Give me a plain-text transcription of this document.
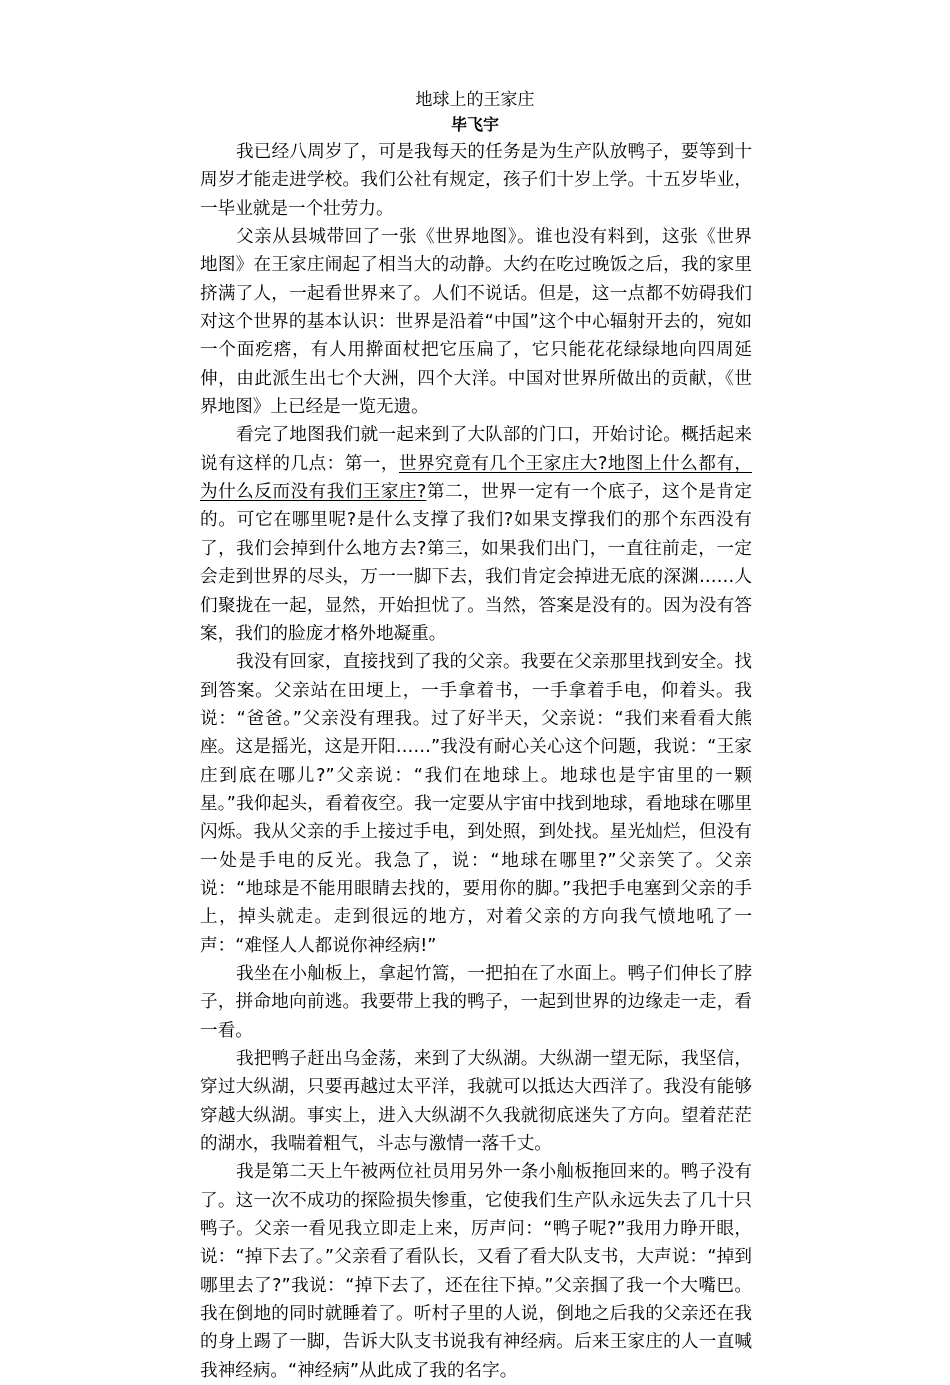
地球上的王家庄
毕飞宇

我已经八周岁了，可是我每天的任务是为生产队放鸭子，要等到十周岁才能走进学校。我们公社有规定，孩子们十岁上学。十五岁毕业，一毕业就是一个壮劳力。

父亲从县城带回了一张《世界地图》。谁也没有料到，这张《世界地图》在王家庄闹起了相当大的动静。大约在吃过晚饭之后，我的家里挤满了人，一起看世界来了。人们不说话。但是，这一点都不妨碍我们对这个世界的基本认识：世界是沿着“中国”这个中心辐射开去的，宛如一个面疙瘩，有人用擀面杖把它压扁了，它只能花花绿绿地向四周延伸，由此派生出七个大洲，四个大洋。中国对世界所做出的贡献，《世界地图》上已经是一览无遗。

看完了地图我们就一起来到了大队部的门口，开始讨论。概括起来说有这样的几点：第一，世界究竟有几个王家庄大?地图上什么都有，为什么反而没有我们王家庄?第二，世界一定有一个底子，这个是肯定的。可它在哪里呢?是什么支撑了我们?如果支撑我们的那个东西没有了，我们会掉到什么地方去?第三，如果我们出门，一直往前走，一定会走到世界的尽头，万一一脚下去，我们肯定会掉进无底的深渊……人们聚拢在一起，显然，开始担忧了。当然，答案是没有的。因为没有答案，我们的脸庞才格外地凝重。

我没有回家，直接找到了我的父亲。我要在父亲那里找到安全。找到答案。父亲站在田埂上，一手拿着书，一手拿着手电，仰着头。我说：“爸爸。”父亲没有理我。过了好半天，父亲说：“我们来看看大熊座。这是摇光，这是开阳……”我没有耐心关心这个问题，我说：“王家庄到底在哪儿?”父亲说：“我们在地球上。地球也是宇宙里的一颗星。”我仰起头，看着夜空。我一定要从宇宙中找到地球，看地球在哪里闪烁。我从父亲的手上接过手电，到处照，到处找。星光灿烂，但没有一处是手电的反光。我急了，说：“地球在哪里?”父亲笑了。父亲说：“地球是不能用眼睛去找的，要用你的脚。”我把手电塞到父亲的手上，掉头就走。走到很远的地方，对着父亲的方向我气愤地吼了一声：“难怪人人都说你神经病!”

我坐在小舢板上，拿起竹篙，一把拍在了水面上。鸭子们伸长了脖子，拼命地向前逃。我要带上我的鸭子，一起到世界的边缘走一走，看一看。

我把鸭子赶出乌金荡，来到了大纵湖。大纵湖一望无际，我坚信，穿过大纵湖，只要再越过太平洋，我就可以抵达大西洋了。我没有能够穿越大纵湖。事实上，进入大纵湖不久我就彻底迷失了方向。望着茫茫的湖水，我喘着粗气，斗志与激情一落千丈。

我是第二天上午被两位社员用另外一条小舢板拖回来的。鸭子没有了。这一次不成功的探险损失惨重，它使我们生产队永远失去了几十只鸭子。父亲一看见我立即走上来，厉声问：“鸭子呢?”我用力睁开眼，说：“掉下去了。”父亲看了看队长，又看了看大队支书，大声说：“掉到哪里去了?”我说：“掉下去了，还在往下掉。”父亲掴了我一个大嘴巴。我在倒地的同时就睡着了。听村子里的人说，倒地之后我的父亲还在我的身上踢了一脚，告诉大队支书说我有神经病。后来王家庄的人一直喊我神经病。“神经病”从此成了我的名字。
